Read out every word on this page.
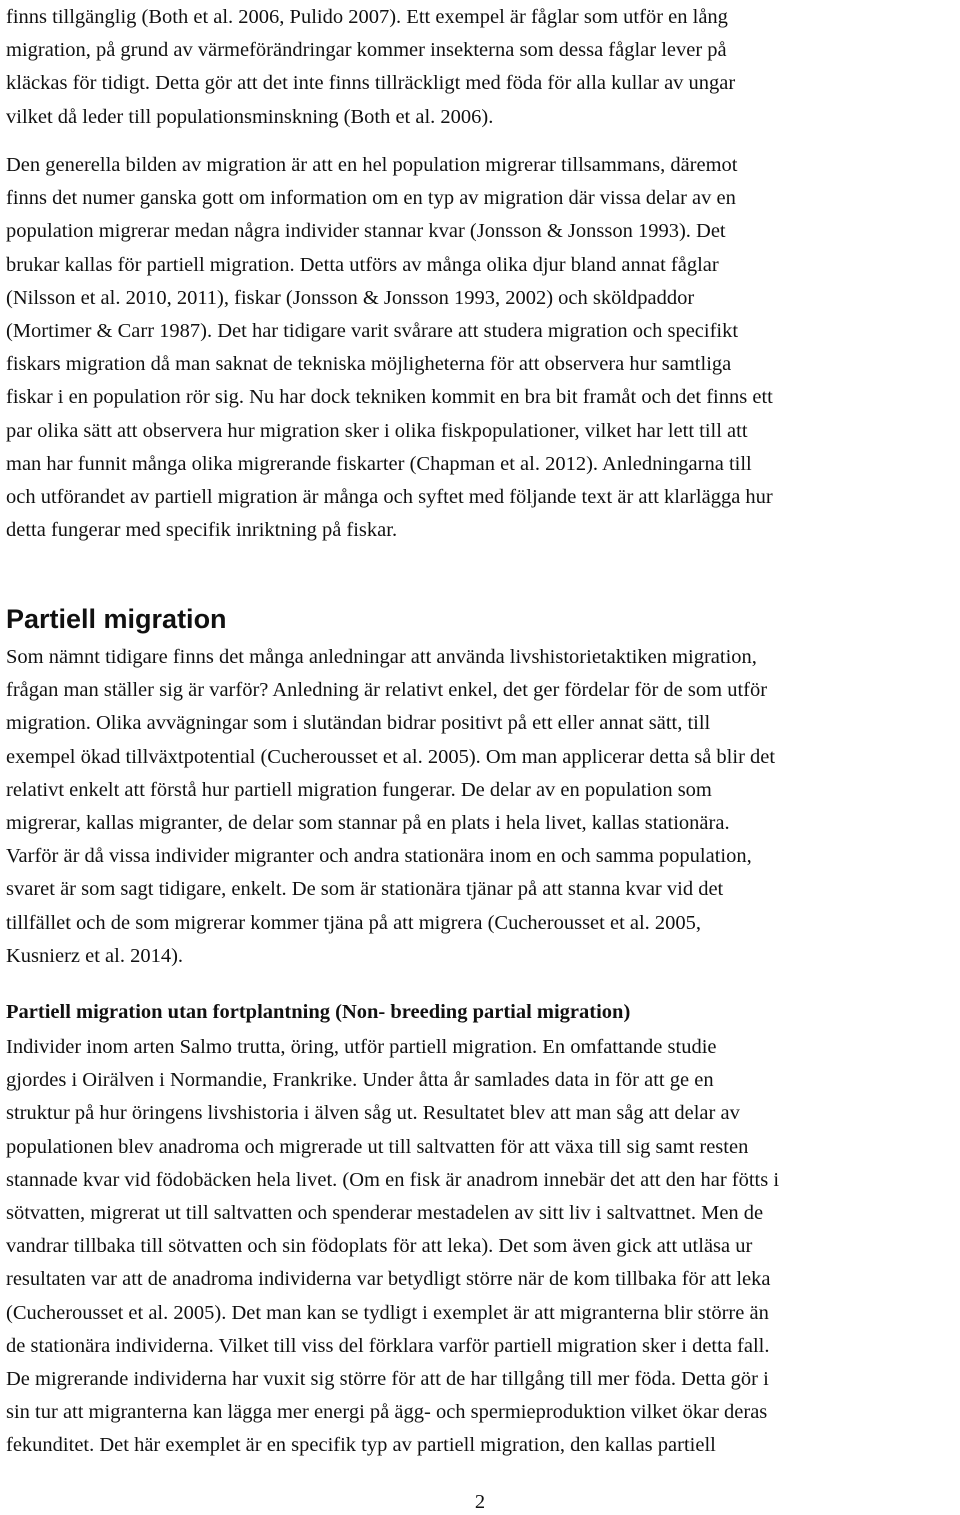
finns tillgänglig (Both et al. 2006, Pulido 2007). Ett exempel är fåglar som utför en lång
migration, på grund av värmeförändringar kommer insekterna som dessa fåglar lever på
kläckas för tidigt. Detta gör att det inte finns tillräckligt med föda för alla kullar av ungar
vilket då leder till populationsminskning (Both et al. 2006).
Den generella bilden av migration är att en hel population migrerar tillsammans, däremot
finns det numer ganska gott om information om en typ av migration där vissa delar av en
population migrerar medan några individer stannar kvar (Jonsson & Jonsson 1993). Det
brukar kallas för partiell migration. Detta utförs av många olika djur bland annat fåglar
(Nilsson et al. 2010, 2011), fiskar (Jonsson & Jonsson 1993, 2002) och sköldpaddor
(Mortimer & Carr 1987). Det har tidigare varit svårare att studera migration och specifikt
fiskars migration då man saknat de tekniska möjligheterna för att observera hur samtliga
fiskar i en population rör sig. Nu har dock tekniken kommit en bra bit framåt och det finns ett
par olika sätt att observera hur migration sker i olika fiskpopulationer, vilket har lett till att
man har funnit många olika migrerande fiskarter (Chapman et al. 2012). Anledningarna till
och utförandet av partiell migration är många och syftet med följande text är att klarlägga hur
detta fungerar med specifik inriktning på fiskar.
Partiell migration
Som nämnt tidigare finns det många anledningar att använda livshistorietaktiken migration,
frågan man ställer sig är varför? Anledning är relativt enkel, det ger fördelar för de som utför
migration. Olika avvägningar som i slutändan bidrar positivt på ett eller annat sätt, till
exempel ökad tillväxtpotential (Cucherousset et al. 2005). Om man applicerar detta så blir det
relativt enkelt att förstå hur partiell migration fungerar. De delar av en population som
migrerar, kallas migranter, de delar som stannar på en plats i hela livet, kallas stationära.
Varför är då vissa individer migranter och andra stationära inom en och samma population,
svaret är som sagt tidigare, enkelt. De som är stationära tjänar på att stanna kvar vid det
tillfället och de som migrerar kommer tjäna på att migrera (Cucherousset et al. 2005,
Kusnierz et al. 2014).
Partiell migration utan fortplantning (Non- breeding partial migration)
Individer inom arten Salmo trutta, öring, utför partiell migration. En omfattande studie
gjordes i Oirälven i Normandie, Frankrike. Under åtta år samlades data in för att ge en
struktur på hur öringens livshistoria i älven såg ut. Resultatet blev att man såg att delar av
populationen blev anadroma och migrerade ut till saltvatten för att växa till sig samt resten
stannade kvar vid födobäcken hela livet. (Om en fisk är anadrom innebär det att den har fötts i
sötvatten, migrerat ut till saltvatten och spenderar mestadelen av sitt liv i saltvattnet. Men de
vandrar tillbaka till sötvatten och sin födoplats för att leka). Det som även gick att utläsa ur
resultaten var att de anadroma individerna var betydligt större när de kom tillbaka för att leka
(Cucherousset et al. 2005). Det man kan se tydligt i exemplet är att migranterna blir större än
de stationära individerna. Vilket till viss del förklara varför partiell migration sker i detta fall.
De migrerande individerna har vuxit sig större för att de har tillgång till mer föda. Detta gör i
sin tur att migranterna kan lägga mer energi på ägg- och spermieproduktion vilket ökar deras
fekunditet. Det här exemplet är en specifik typ av partiell migration, den kallas partiell
2
